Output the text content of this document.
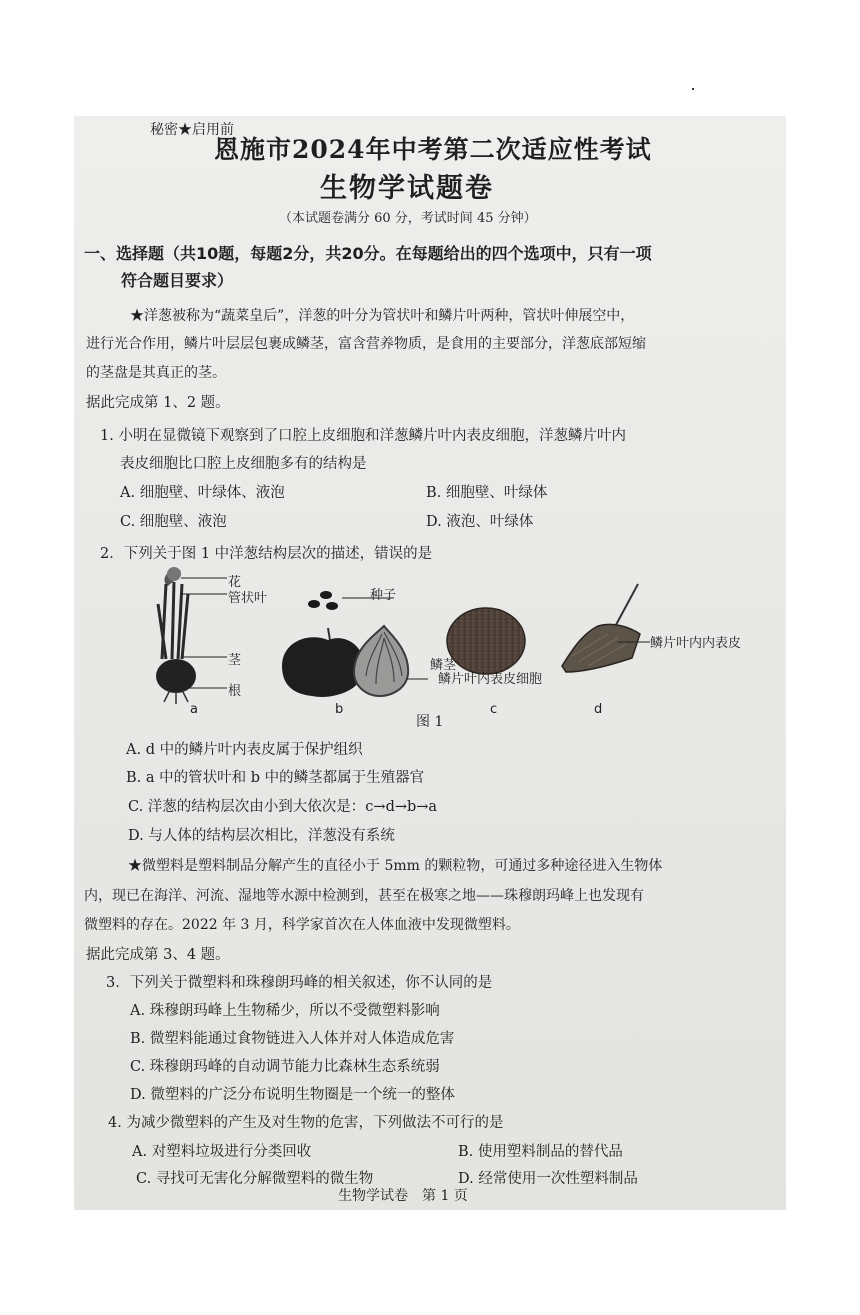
秘密★启用前
恩施市2024年中考第二次适应性考试
生物学试题卷
（本试题卷满分 60 分，考试时间 45 分钟）
一、选择题（共10题，每题2分，共20分。在每题给出的四个选项中，只有一项
符合题目要求）
★洋葱被称为“蔬菜皇后”，洋葱的叶分为管状叶和鳞片叶两种，管状叶伸展空中，
进行光合作用，鳞片叶层层包裹成鳞茎，富含营养物质，是食用的主要部分，洋葱底部短缩
的茎盘是其真正的茎。
据此完成第 1、2 题。
1. 小明在显微镜下观察到了口腔上皮细胞和洋葱鳞片叶内表皮细胞，洋葱鳞片叶内
表皮细胞比口腔上皮细胞多有的结构是
A. 细胞壁、叶绿体、液泡	B. 细胞壁、叶绿体
C. 细胞壁、液泡	D. 液泡、叶绿体
2．下列关于图 1 中洋葱结构层次的描述，错误的是
花
管状叶
茎
根
a
种子
鳞茎
b
鳞片叶内表皮细胞
c
鳞片叶内内表皮
d
图 1
A. d 中的鳞片叶内表皮属于保护组织
B. a 中的管状叶和 b 中的鳞茎都属于生殖器官
C. 洋葱的结构层次由小到大依次是：c→d→b→a
D. 与人体的结构层次相比，洋葱没有系统
★微塑料是塑料制品分解产生的直径小于 5mm 的颗粒物，可通过多种途径进入生物体
内，现已在海洋、河流、湿地等水源中检测到，甚至在极寒之地——珠穆朗玛峰上也发现有
微塑料的存在。2022 年 3 月，科学家首次在人体血液中发现微塑料。
据此完成第 3、4 题。
3．下列关于微塑料和珠穆朗玛峰的相关叙述，你不认同的是
A. 珠穆朗玛峰上生物稀少，所以不受微塑料影响
B. 微塑料能通过食物链进入人体并对人体造成危害
C. 珠穆朗玛峰的自动调节能力比森林生态系统弱
D. 微塑料的广泛分布说明生物圈是一个统一的整体
4. 为减少微塑料的产生及对生物的危害，下列做法不可行的是
A. 对塑料垃圾进行分类回收	B. 使用塑料制品的替代品
C. 寻找可无害化分解微塑料的微生物	D. 经常使用一次性塑料制品
生物学试卷　第 1 页
